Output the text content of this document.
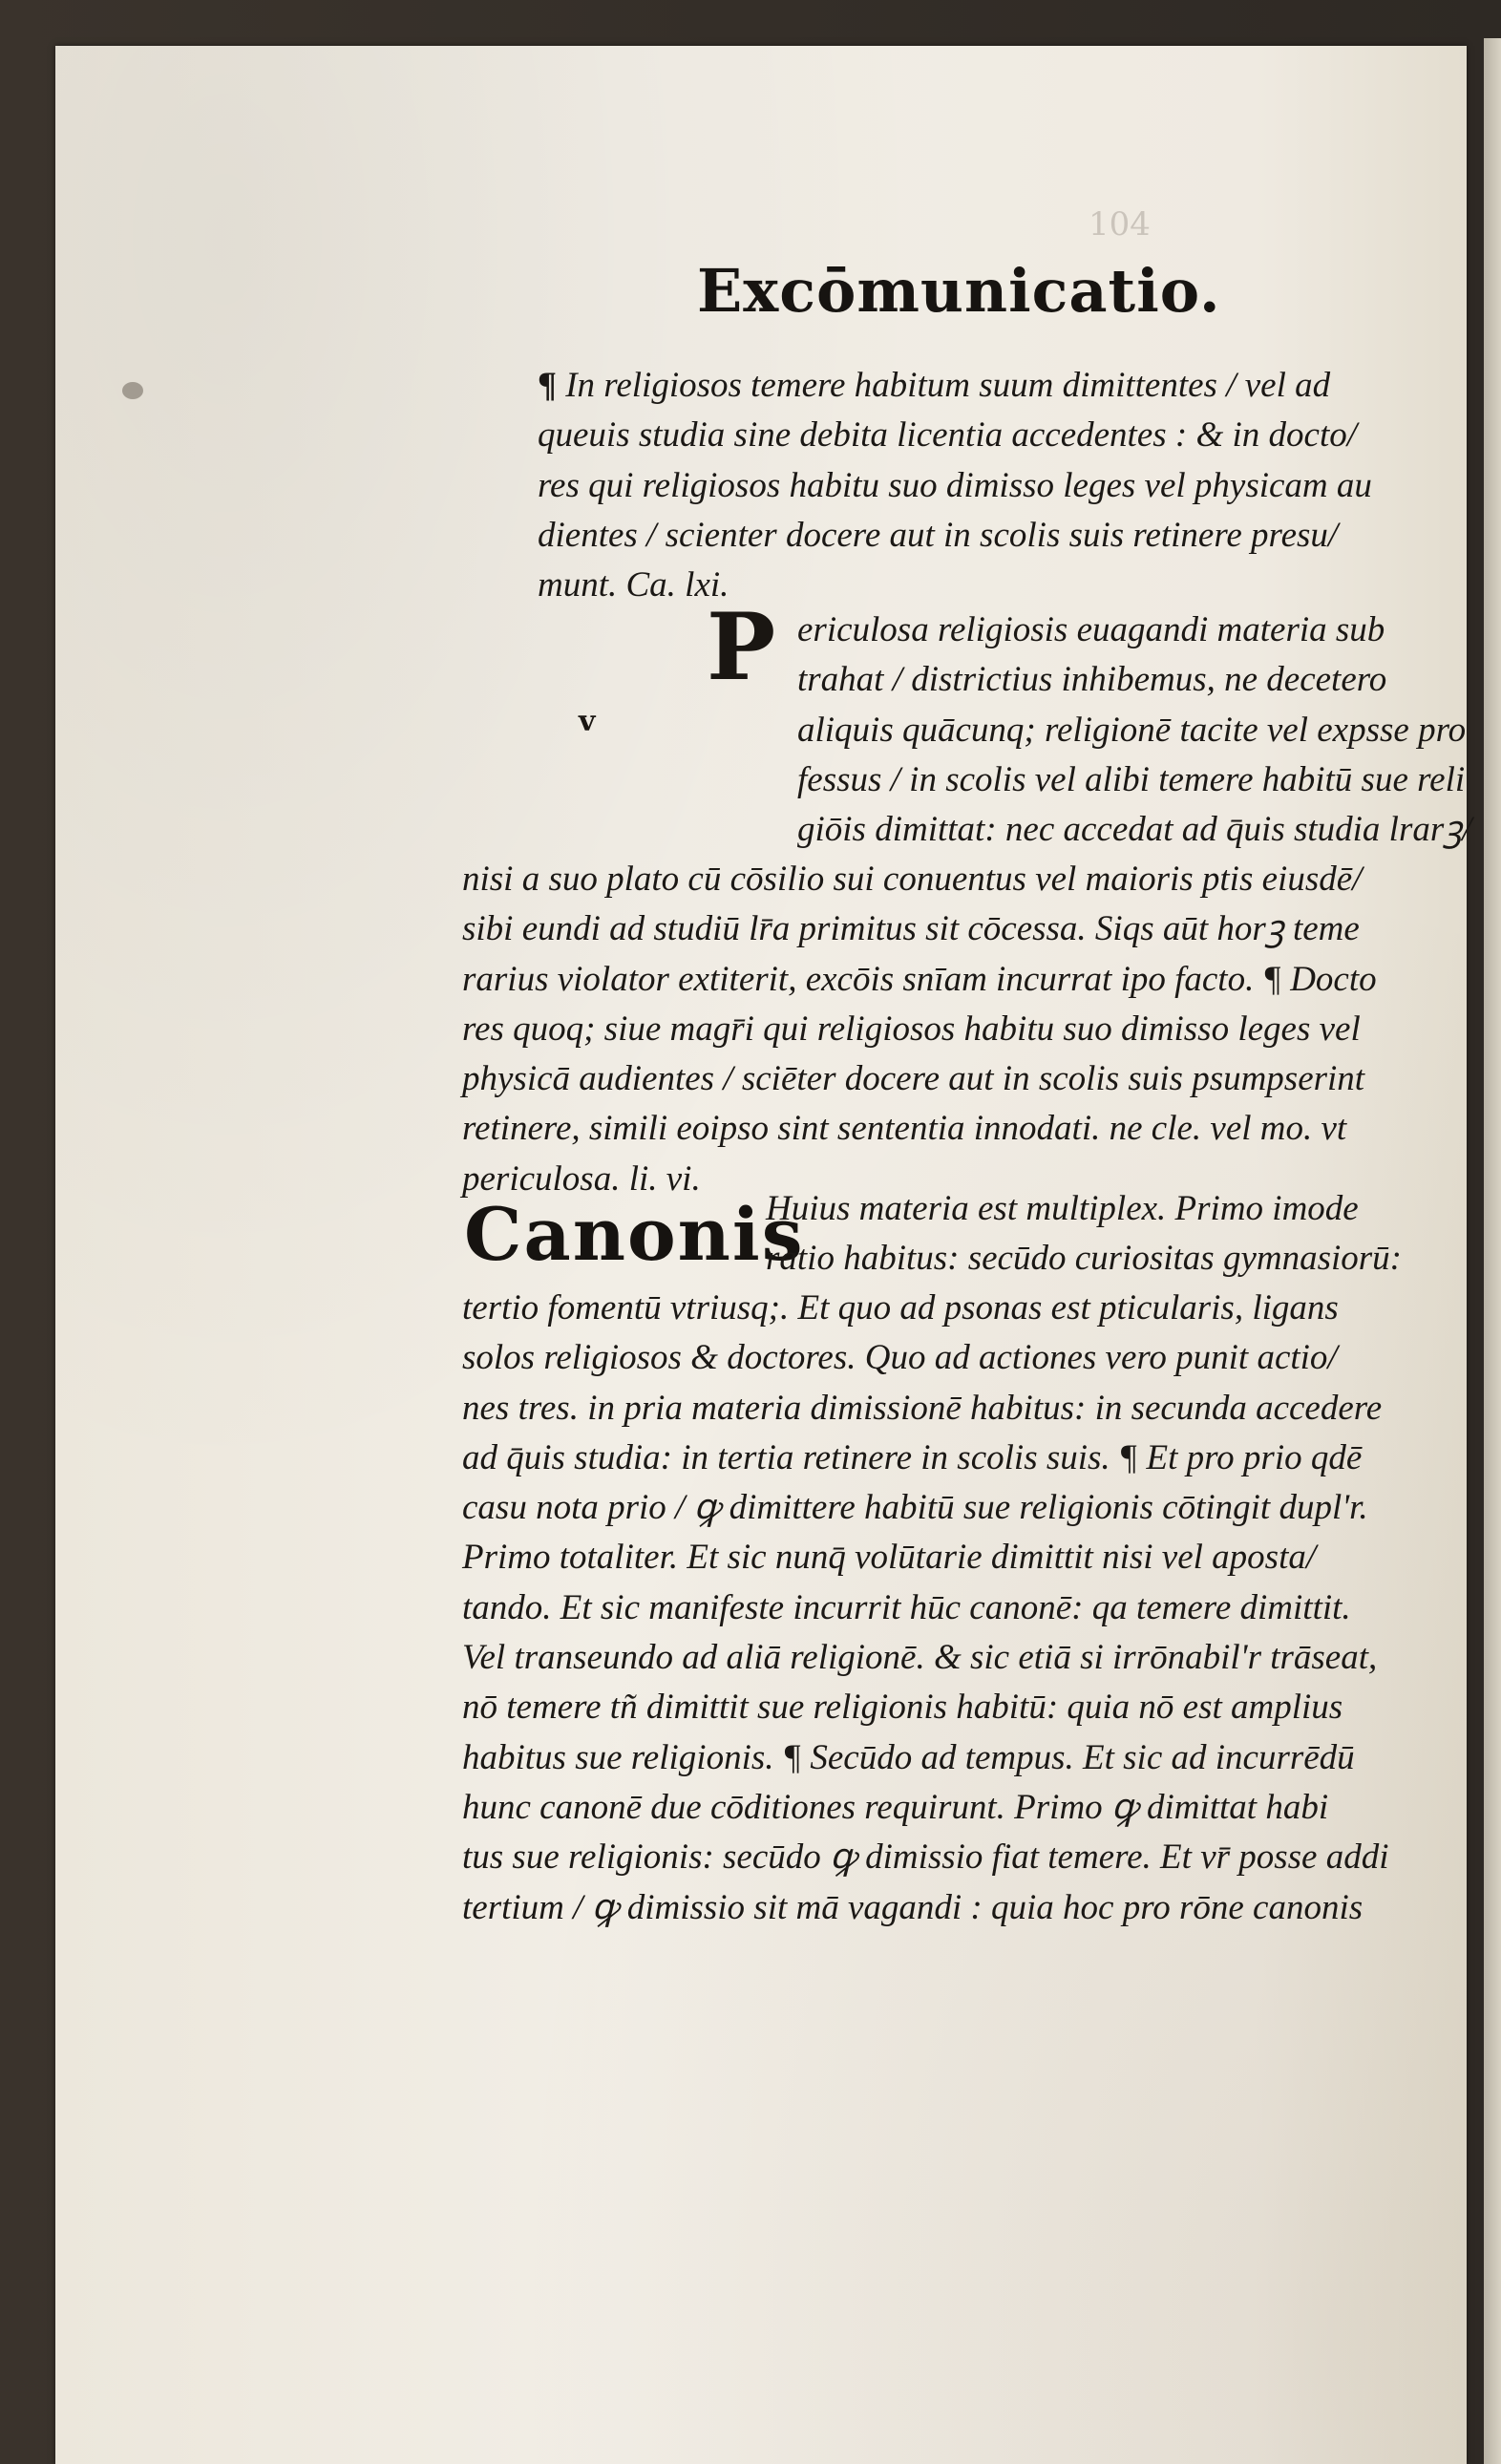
104
Excōmunicatio.
¶ In religiosos temere habitum suum dimittentes / vel ad
queuis studia sine debita licentia accedentes : & in docto/
res qui religiosos habitu suo dimisso leges vel physicam au
dientes / scienter docere aut in scolis suis retinere presu/
munt. Ca. lxi.
P
v
ericulosa religiosis euagandi materia sub
trahat / districtius inhibemus, ne decetero
aliquis quācunq; religionē tacite vel expsse pro
fessus / in scolis vel alibi temere habitū sue reli
giōis dimittat: nec accedat ad q̄uis studia lrarꝫ/
nisi a suo plato cū cōsilio sui conuentus vel maioris ptis eiusdē/
sibi eundi ad studiū lr̄a primitus sit cōcessa. Siqs aūt horꝫ teme
rarius violator extiterit, excōis snīam incurrat ipo facto. ¶ Docto
res quoq; siue magr̄i qui religiosos habitu suo dimisso leges vel
physicā audientes / sciēter docere aut in scolis suis psumpserint
retinere, simili eoipso sint sententia innodati. ne cle. vel mo. vt
periculosa. li. vi.
Canonis
Huius materia est multiplex. Primo imode
ratio habitus: secūdo curiositas gymnasiorū:
tertio fomentū vtriusq;. Et quo ad psonas est pticularis, ligans
solos religiosos & doctores. Quo ad actiones vero punit actio/
nes tres. in pria materia dimissionē habitus: in secunda accedere
ad q̄uis studia: in tertia retinere in scolis suis. ¶ Et pro prio qdē
casu nota prio / ꝙ dimittere habitū sue religionis cōtingit dupl'r.
Primo totaliter. Et sic nunq̄ volūtarie dimittit nisi vel aposta/
tando. Et sic manifeste incurrit hūc canonē: qa temere dimittit.
Vel transeundo ad aliā religionē. & sic etiā si irrōnabil'r trāseat,
nō temere tñ dimittit sue religionis habitū: quia nō est amplius
habitus sue religionis. ¶ Secūdo ad tempus. Et sic ad incurrēdū
hunc canonē due cōditiones requirunt. Primo ꝙ dimittat habi
tus sue religionis: secūdo ꝙ dimissio fiat temere. Et vr̄ posse addi
tertium / ꝙ dimissio sit mā vagandi : quia hoc pro rōne canonis
